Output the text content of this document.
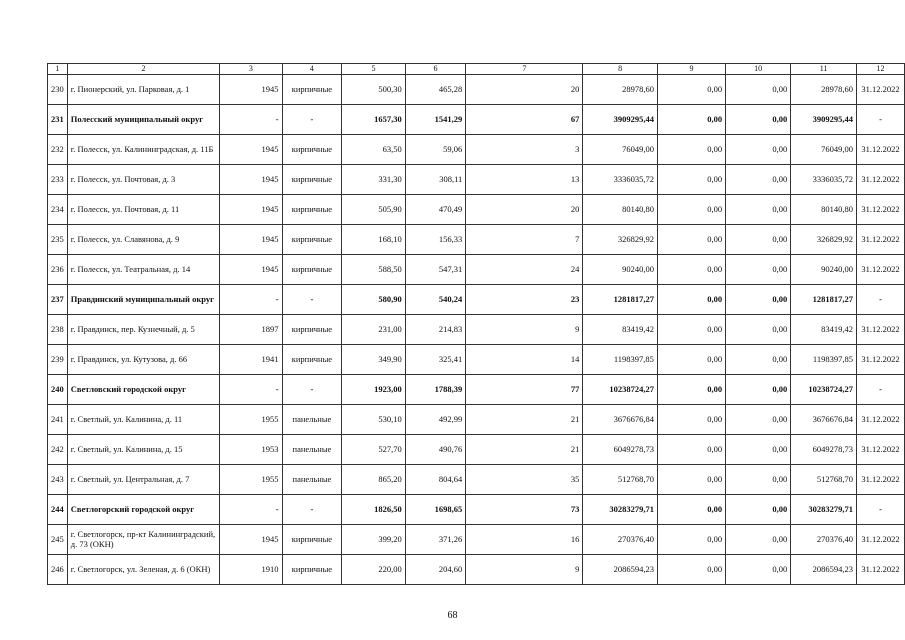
1	2	3	4	5	6	7	8	9	10	11	12
230	г. Пионерский, ул. Парковая, д. 1	1945	кирпичные	500,30	465,28	20	28978,60	0,00	0,00	28978,60	31.12.2022
231	Полесский муниципальный округ	-	-	1657,30	1541,29	67	3909295,44	0,00	0,00	3909295,44	-
232	г. Полесск, ул. Калининградская, д. 11Б	1945	кирпичные	63,50	59,06	3	76049,00	0,00	0,00	76049,00	31.12.2022
233	г. Полесск, ул. Почтовая, д. 3	1945	кирпичные	331,30	308,11	13	3336035,72	0,00	0,00	3336035,72	31.12.2022
234	г. Полесск, ул. Почтовая, д. 11	1945	кирпичные	505,90	470,49	20	80140,80	0,00	0,00	80140,80	31.12.2022
235	г. Полесск, ул. Славянова, д. 9	1945	кирпичные	168,10	156,33	7	326829,92	0,00	0,00	326829,92	31.12.2022
236	г. Полесск, ул. Театральная, д. 14	1945	кирпичные	588,50	547,31	24	90240,00	0,00	0,00	90240,00	31.12.2022
237	Правдинский муниципальный округ	-	-	580,90	540,24	23	1281817,27	0,00	0,00	1281817,27	-
238	г. Правдинск, пер. Кузнечный, д. 5	1897	кирпичные	231,00	214,83	9	83419,42	0,00	0,00	83419,42	31.12.2022
239	г. Правдинск, ул. Кутузова, д. 66	1941	кирпичные	349,90	325,41	14	1198397,85	0,00	0,00	1198397,85	31.12.2022
240	Светловский городской округ	-	-	1923,00	1788,39	77	10238724,27	0,00	0,00	10238724,27	-
241	г. Светлый, ул. Калинина, д. 11	1955	панельные	530,10	492,99	21	3676676,84	0,00	0,00	3676676,84	31.12.2022
242	г. Светлый, ул. Калинина, д. 15	1953	панельные	527,70	490,76	21	6049278,73	0,00	0,00	6049278,73	31.12.2022
243	г. Светлый, ул. Центральная, д. 7	1955	панельные	865,20	804,64	35	512768,70	0,00	0,00	512768,70	31.12.2022
244	Светлогорский городской округ	-	-	1826,50	1698,65	73	30283279,71	0,00	0,00	30283279,71	-
245	г. Светлогорск, пр-кт Калининградский, д. 73 (ОКН)	1945	кирпичные	399,20	371,26	16	270376,40	0,00	0,00	270376,40	31.12.2022
246	г. Светлогорск, ул. Зеленая, д. 6 (ОКН)	1910	кирпичные	220,00	204,60	9	2086594,23	0,00	0,00	2086594,23	31.12.2022
68
